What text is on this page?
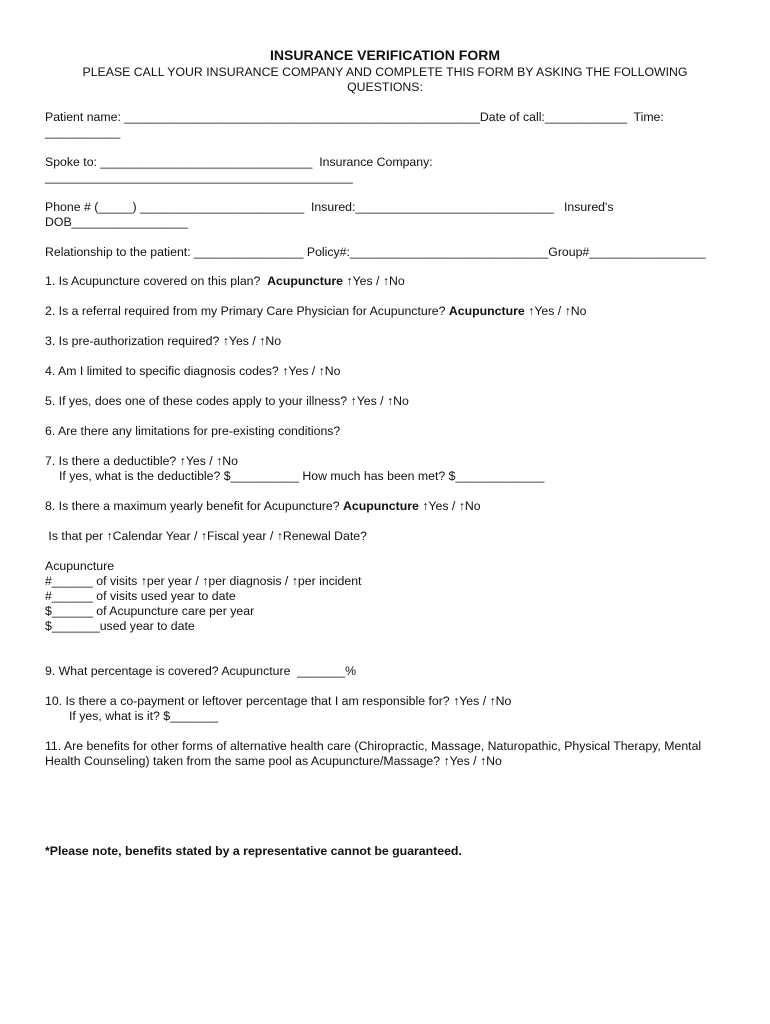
INSURANCE VERIFICATION FORM
PLEASE CALL YOUR INSURANCE COMPANY AND COMPLETE THIS FORM BY ASKING THE FOLLOWING QUESTIONS:
Patient name: ____________________________________________________Date of call:____________  Time:
___________
Spoke to: _______________________________  Insurance Company:
_____________________________________________
Phone # (_____) ________________________  Insured:_____________________________   Insured's
DOB_________________
Relationship to the patient: ________________ Policy#:_____________________________Group#_________________
1. Is Acupuncture covered on this plan?  Acupuncture ↑Yes / ↑No
2. Is a referral required from my Primary Care Physician for Acupuncture? Acupuncture ↑Yes / ↑No
3. Is pre-authorization required? ↑Yes / ↑No
4. Am I limited to specific diagnosis codes? ↑Yes / ↑No
5. If yes, does one of these codes apply to your illness? ↑Yes / ↑No
6. Are there any limitations for pre-existing conditions?
7. Is there a deductible? ↑Yes / ↑No
If yes, what is the deductible? $__________ How much has been met? $_____________
8. Is there a maximum yearly benefit for Acupuncture? Acupuncture ↑Yes / ↑No
Is that per ↑Calendar Year / ↑Fiscal year / ↑Renewal Date?
Acupuncture
#______ of visits ↑per year / ↑per diagnosis / ↑per incident
#______ of visits used year to date
$______ of Acupuncture care per year
$_______used year to date
9. What percentage is covered? Acupuncture  _______%
10. Is there a co-payment or leftover percentage that I am responsible for? ↑Yes / ↑No
If yes, what is it? $_______
11. Are benefits for other forms of alternative health care (Chiropractic, Massage, Naturopathic, Physical Therapy, Mental Health Counseling) taken from the same pool as Acupuncture/Massage? ↑Yes / ↑No
*Please note, benefits stated by a representative cannot be guaranteed.
